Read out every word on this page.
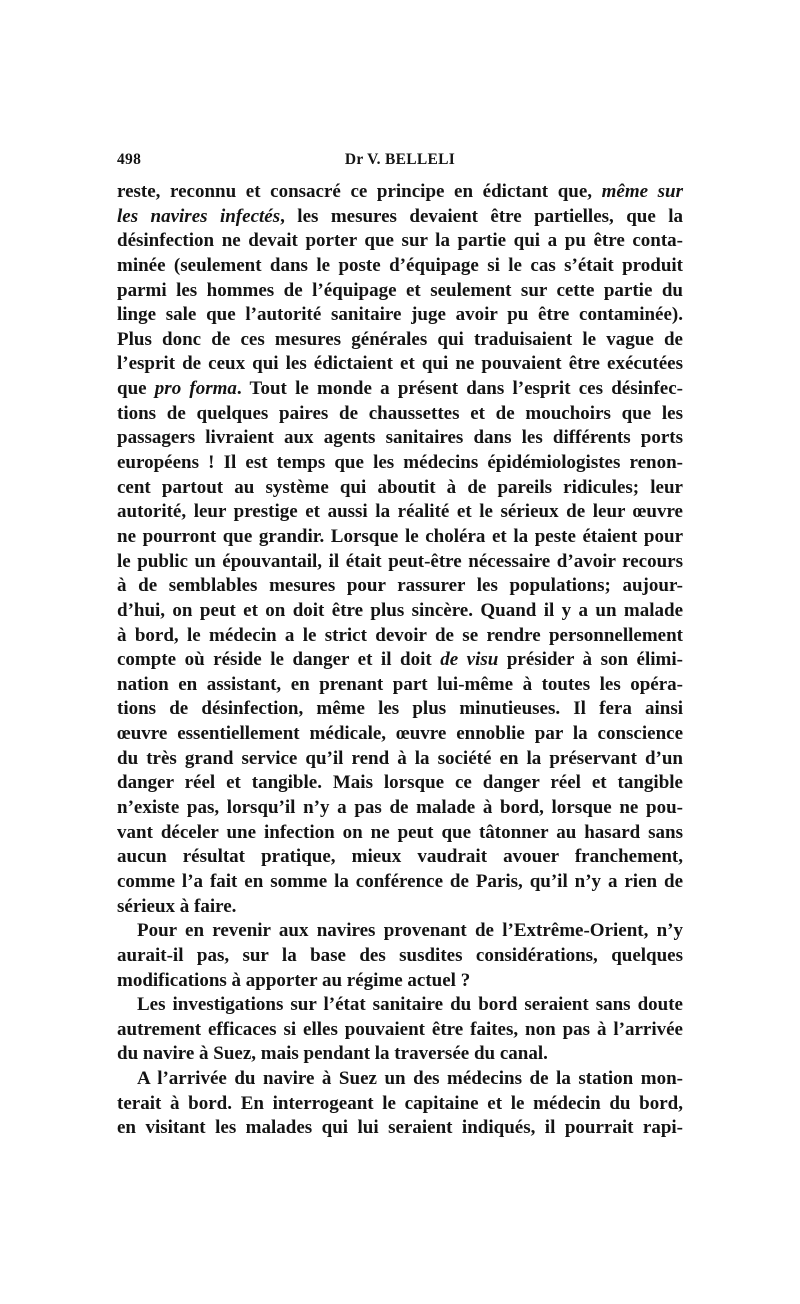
498	Dr V. BELLELI
reste, reconnu et consacré ce principe en édictant que, même sur
les navires infectés, les mesures devaient être partielles, que la
désinfection ne devait porter que sur la partie qui a pu être conta-
minée (seulement dans le poste d’équipage si le cas s’était produit
parmi les hommes de l’équipage et seulement sur cette partie du
linge sale que l’autorité sanitaire juge avoir pu être contaminée).
Plus donc de ces mesures générales qui traduisaient le vague de
l’esprit de ceux qui les édictaient et qui ne pouvaient être exécutées
que pro forma. Tout le monde a présent dans l’esprit ces désinfec-
tions de quelques paires de chaussettes et de mouchoirs que les
passagers livraient aux agents sanitaires dans les différents ports
européens ! Il est temps que les médecins épidémiologistes renon-
cent partout au système qui aboutit à de pareils ridicules; leur
autorité, leur prestige et aussi la réalité et le sérieux de leur œuvre
ne pourront que grandir. Lorsque le choléra et la peste étaient pour
le public un épouvantail, il était peut-être nécessaire d’avoir recours
à de semblables mesures pour rassurer les populations; aujour-
d’hui, on peut et on doit être plus sincère. Quand il y a un malade
à bord, le médecin a le strict devoir de se rendre personnellement
compte où réside le danger et il doit de visu présider à son élimi-
nation en assistant, en prenant part lui-même à toutes les opéra-
tions de désinfection, même les plus minutieuses. Il fera ainsi
œuvre essentiellement médicale, œuvre ennoblie par la conscience
du très grand service qu’il rend à la société en la préservant d’un
danger réel et tangible. Mais lorsque ce danger réel et tangible
n’existe pas, lorsqu’il n’y a pas de malade à bord, lorsque ne pou-
vant déceler une infection on ne peut que tâtonner au hasard sans
aucun résultat pratique, mieux vaudrait avouer franchement,
comme l’a fait en somme la conférence de Paris, qu’il n’y a rien de
sérieux à faire.
Pour en revenir aux navires provenant de l’Extrême-Orient, n’y
aurait-il pas, sur la base des susdites considérations, quelques
modifications à apporter au régime actuel ?
Les investigations sur l’état sanitaire du bord seraient sans doute
autrement efficaces si elles pouvaient être faites, non pas à l’arrivée
du navire à Suez, mais pendant la traversée du canal.
A l’arrivée du navire à Suez un des médecins de la station mon-
terait à bord. En interrogeant le capitaine et le médecin du bord,
en visitant les malades qui lui seraient indiqués, il pourrait rapi-
